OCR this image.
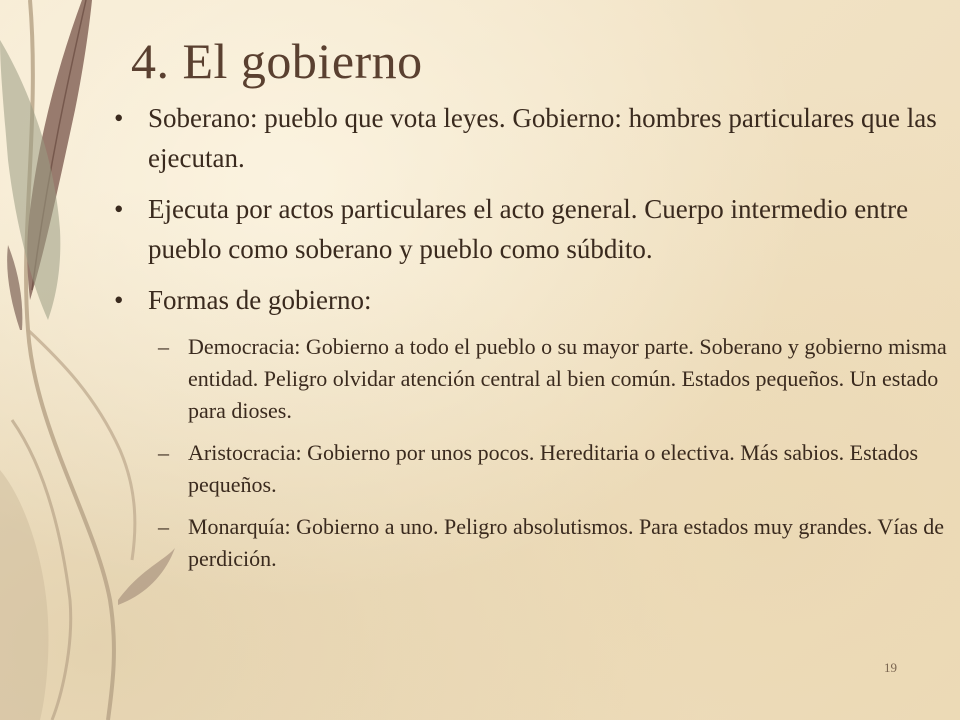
4. El gobierno
• Soberano: pueblo que vota leyes. Gobierno: hombres particulares que las ejecutan.
• Ejecuta por actos particulares el acto general. Cuerpo intermedio entre pueblo como soberano y pueblo como súbdito.
• Formas de gobierno:
– Democracia: Gobierno a todo el pueblo o su mayor parte. Soberano y gobierno misma entidad. Peligro olvidar atención central al bien común. Estados pequeños. Un estado para dioses.
– Aristocracia: Gobierno por unos pocos. Hereditaria o electiva. Más sabios. Estados pequeños.
– Monarquía: Gobierno a uno. Peligro absolutismos. Para estados muy grandes. Vías de perdición.
19
